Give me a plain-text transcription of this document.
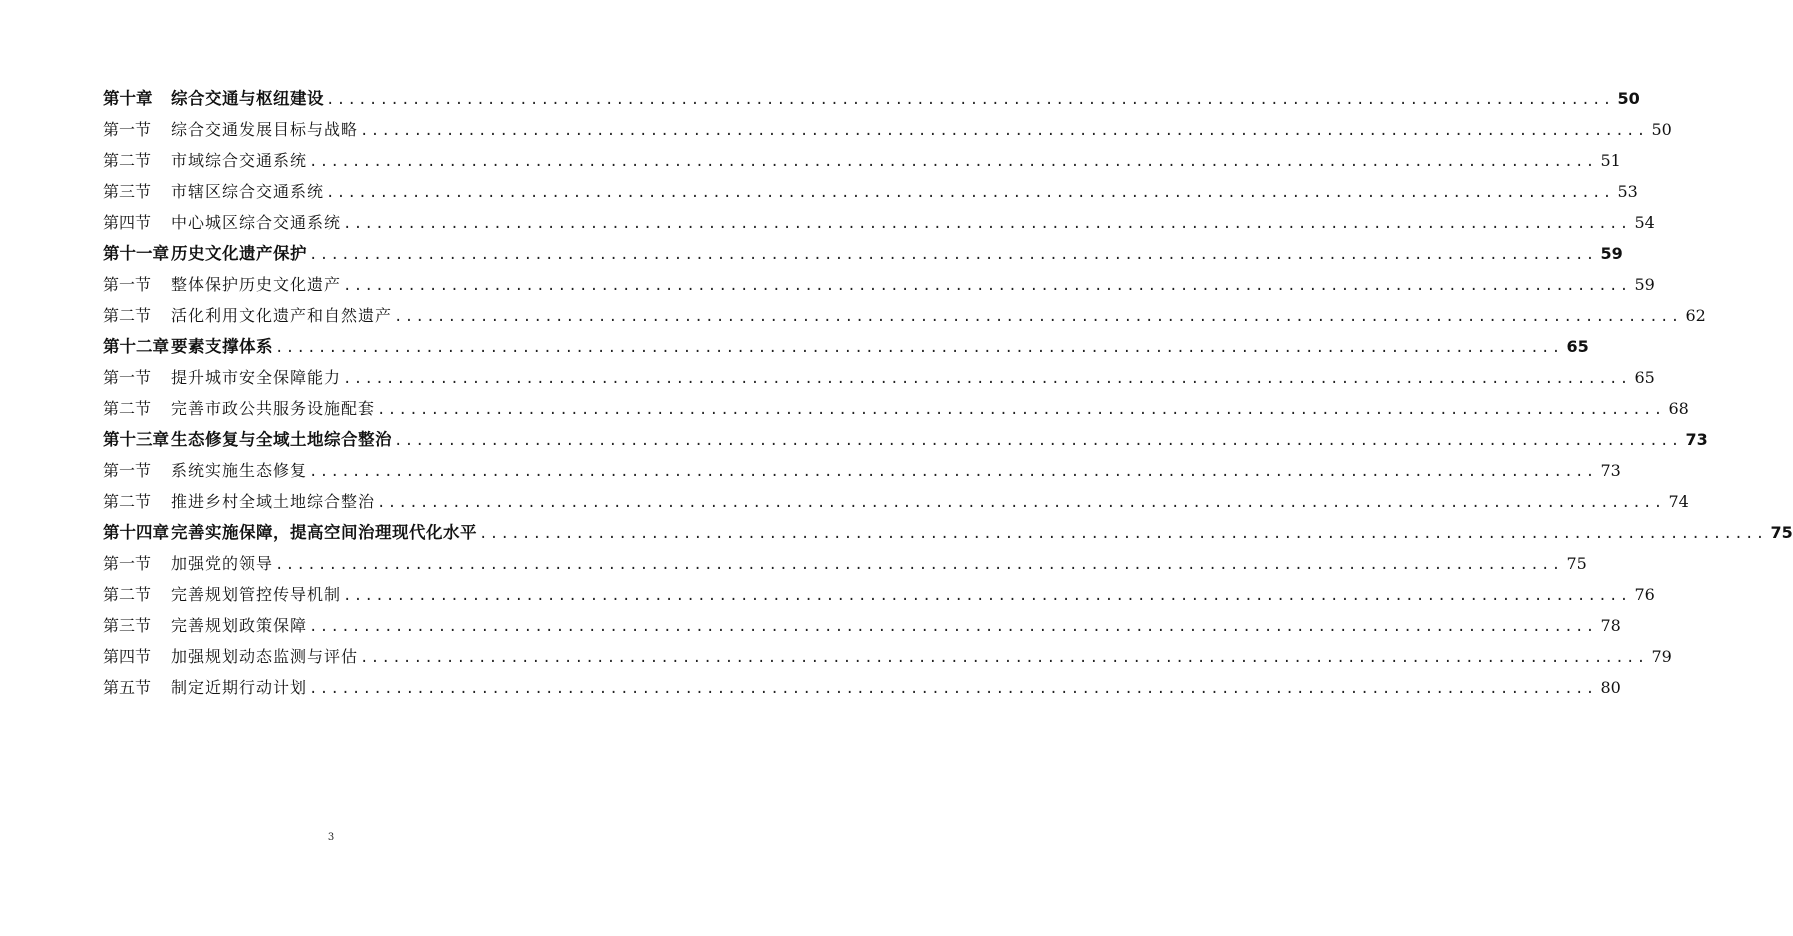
第十章	综合交通与枢纽建设 ........................................................................................................................ 50
第一节	综合交通发展目标与战略 ........................................................................................................................ 50
第二节	市域综合交通系统 ........................................................................................................................ 51
第三节	市辖区综合交通系统 ........................................................................................................................ 53
第四节	中心城区综合交通系统 ........................................................................................................................ 54
第十一章 历史文化遗产保护 ........................................................................................................................ 59
第一节	整体保护历史文化遗产 ........................................................................................................................ 59
第二节	活化利用文化遗产和自然遗产 ........................................................................................................................ 62
第十二章 要素支撑体系 ........................................................................................................................ 65
第一节	提升城市安全保障能力 ........................................................................................................................ 65
第二节	完善市政公共服务设施配套 ........................................................................................................................ 68
第十三章 生态修复与全域土地综合整治 ........................................................................................................................ 73
第一节	系统实施生态修复 ........................................................................................................................ 73
第二节	推进乡村全域土地综合整治 ........................................................................................................................ 74
第十四章 完善实施保障，提高空间治理现代化水平 ........................................................................................................................ 75
第一节	加强党的领导 ........................................................................................................................ 75
第二节	完善规划管控传导机制 ........................................................................................................................ 76
第三节	完善规划政策保障 ........................................................................................................................ 78
第四节	加强规划动态监测与评估 ........................................................................................................................ 79
第五节	制定近期行动计划 ........................................................................................................................ 80
3
